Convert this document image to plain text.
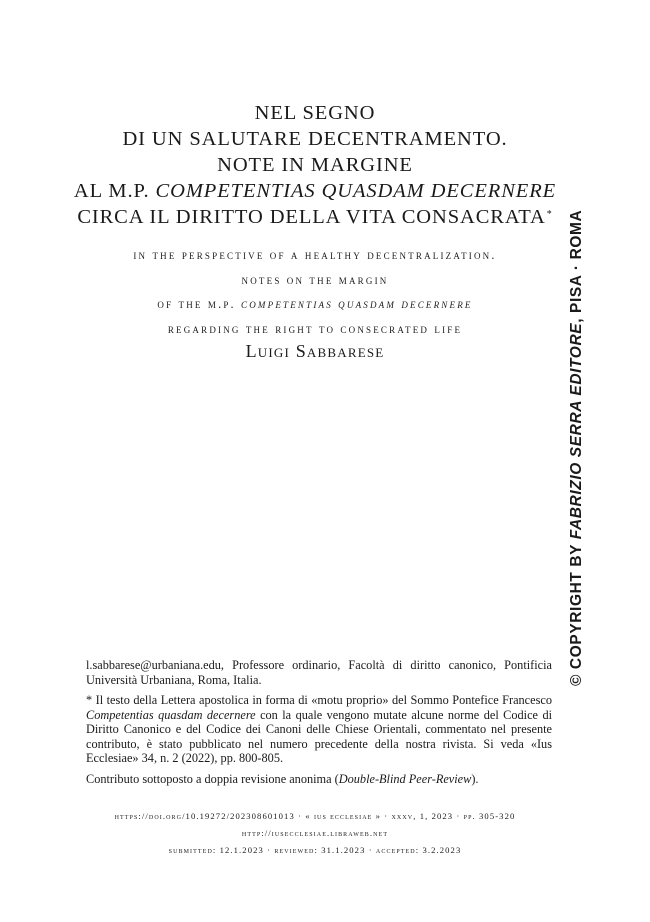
NEL SEGNO
DI UN SALUTARE DECENTRAMENTO.
NOTE IN MARGINE
AL M.P. COMPETENTIAS QUASDAM DECERNERE
CIRCA IL DIRITTO DELLA VITA CONSACRATA*
in the perspective of a healthy decentralization.
notes on the margin
of the m.p. competentias quasdam decernere
regarding the right to consecrated life
Luigi Sabbarese
© COPYRIGHT BY FABRIZIO SERRA EDITORE, PISA · ROMA

l.sabbarese@urbaniana.edu, Professore ordinario, Facoltà di diritto canonico, Pontificia Università Urbaniana, Roma, Italia.

* Il testo della Lettera apostolica in forma di «motu proprio» del Sommo Pontefice Francesco Competentias quasdam decernere con la quale vengono mutate alcune norme del Codice di Diritto Canonico e del Codice dei Canoni delle Chiese Orientali, commentato nel presente contributo, è stato pubblicato nel numero precedente della nostra rivista. Si veda «Ius Ecclesiae» 34, n. 2 (2022), pp. 800-805.

Contributo sottoposto a doppia revisione anonima (Double-Blind Peer-Review).

https://doi.org/10.19272/202308601013 · « ius ecclesiae » · xxxv, 1, 2023 · pp. 305-320
http://iusecclesiae.libraweb.net
submitted: 12.1.2023 · reviewed: 31.1.2023 · accepted: 3.2.2023
